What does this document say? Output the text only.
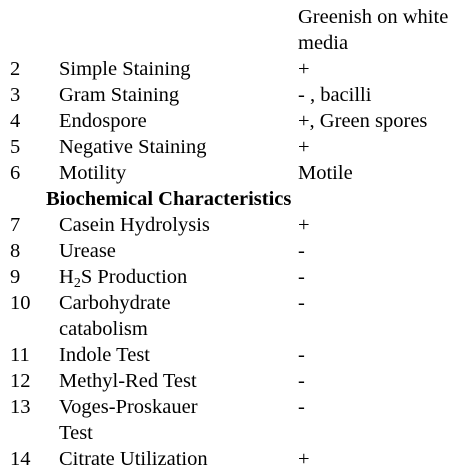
Greenish on white
media
2 Simple Staining	+
3 Gram Staining	- , bacilli
4 Endospore	+, Green spores
5 Negative Staining	+
6 Motility	Motile
Biochemical Characteristics
7 Casein Hydrolysis	+
8 Urease	-
9 H2S Production	-
10 Carbohydrate	-
catabolism
11 Indole Test	-
12 Methyl-Red Test	-
13 Voges-Proskauer	-
Test
14 Citrate Utilization	+
